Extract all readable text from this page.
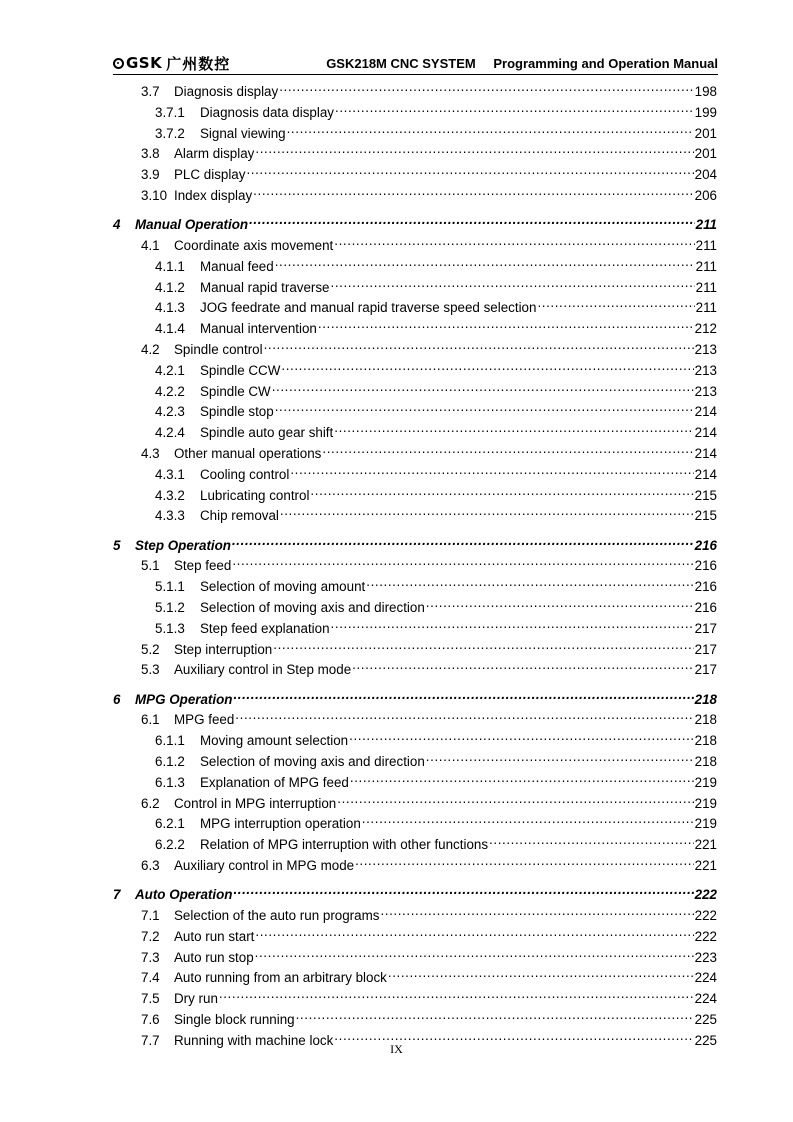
GSK 广州数控	GSK218M CNC SYSTEM Programming and Operation Manual
3.7	Diagnosis display .....	198
3.7.1	Diagnosis data display .....	199
3.7.2	Signal viewing .....	201
3.8	Alarm display .....	201
3.9	PLC display .....	204
3.10 Index display .....	206
4	Manual Operation .....	211
4.1	Coordinate axis movement .....	211
4.1.1	Manual feed .....	211
4.1.2	Manual rapid traverse .....	211
4.1.3	JOG feedrate and manual rapid traverse speed selection .....	211
4.1.4	Manual intervention .....	212
4.2	Spindle control .....	213
4.2.1	Spindle CCW .....	213
4.2.2	Spindle CW .....	213
4.2.3	Spindle stop .....	214
4.2.4	Spindle auto gear shift .....	214
4.3	Other manual operations .....	214
4.3.1	Cooling control .....	214
4.3.2	Lubricating control .....	215
4.3.3	Chip removal .....	215
5	Step Operation .....	216
5.1	Step feed .....	216
5.1.1	Selection of moving amount .....	216
5.1.2	Selection of moving axis and direction .....	216
5.1.3	Step feed explanation .....	217
5.2	Step interruption .....	217
5.3	Auxiliary control in Step mode .....	217
6	MPG Operation .....	218
6.1	MPG feed .....	218
6.1.1	Moving amount selection .....	218
6.1.2	Selection of moving axis and direction .....	218
6.1.3	Explanation of MPG feed .....	219
6.2	Control in MPG interruption .....	219
6.2.1	MPG interruption operation .....	219
6.2.2	Relation of MPG interruption with other functions .....	221
6.3	Auxiliary control in MPG mode .....	221
7	Auto Operation .....	222
7.1	Selection of the auto run programs .....	222
7.2	Auto run start .....	222
7.3	Auto run stop .....	223
7.4	Auto running from an arbitrary block .....	224
7.5	Dry run .....	224
7.6	Single block running .....	225
7.7	Running with machine lock .....	225
IX
